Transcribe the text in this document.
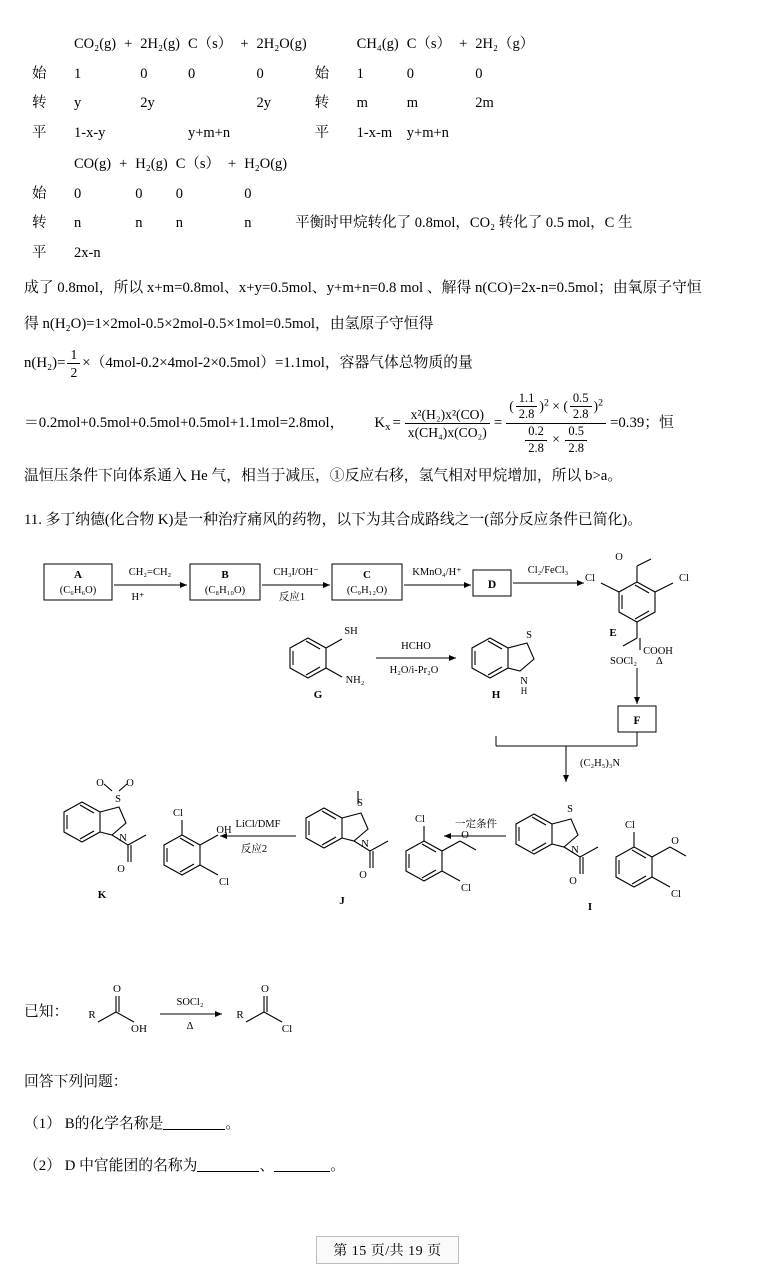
	CO₂(g)	+	2H₂(g)	C（s）	+	2H₂O(g)		CH₄(g)	C（s）	+	2H₂（g）
始	1		0	0		0	始	1	0		0
转	y		2y			2y	转	m	m		2m
平	1-x-y			y+m+n			平	1-x-m	y+m+n		
	CO(g)	+	H₂(g)	C（s）	+	H₂O(g)	
始	0		0	0		0	
转	n		n	n		n	平衡时甲烷转化了 0.8mol，CO₂ 转化了 0.5 mol，C 生
平	2x-n						

成了 0.8mol，所以 x+m=0.8mol、x+y=0.5mol、y+m+n=0.8 mol 、解得 n(CO)=2x-n=0.5mol；由氧原子守恒

得 n(H₂O)=1×2mol-0.5×2mol-0.5×1mol=0.5mol，由氢原子守恒得

$n(H_2)= \frac{1}{2} \times(4mol-0.2\times 4mol-2\times 0.5mol)=1.1mol$，容器气体总物质的量

＝0.2mol+0.5mol+0.5mol+0.5mol+1.1mol=2.8mol， $K_x = \frac{\text{x²(H₂)x²(CO)}}{\text{x(CH₄)x(CO₂)}} = \frac{( \frac{1.1}{2.8} )^2 \times ( \frac{0.5}{2.8} )^2}{\frac{0.2}{2.8} \times \frac{0.5}{2.8}} =0.39$；恒

温恒压条件下向体系通入 He 气，相当于减压，①反应右移，氢气相对甲烷增加，所以 b>a。

11. 多丁纳德(化合物 K)是一种治疗痛风的药物，以下为其合成路线之一(部分反应条件已简化)。

A
(C₆H₆O)
CH₂=CH₂
H⁺
B
(C₈H₁₀O)
CH₃I/OH⁻
反应1
C
(C₉H₁₂O)
KMnO₄/H⁺
D
Cl₂/FeCl₃
O
Cl	Cl
COOH
E
SH
NH₂
G
HCHO
H₂O/i-Pr₂O
S
N
H
H
SOCl₂ Δ
F
(C₂H₅)₃N
S
N
O
Cl
Cl
O
I
一定条件
S
N
O
Cl
Cl
O
J
LiCl/DMF
反应2
O O
S
N
O
Cl
Cl
OH
K
已知： R
O
OH
SOCl₂
Δ
R
O
Cl

回答下列问题：

（1） B的化学名称是	。

（2） D 中官能团的名称为	、	。

第 15 页/共 19 页
